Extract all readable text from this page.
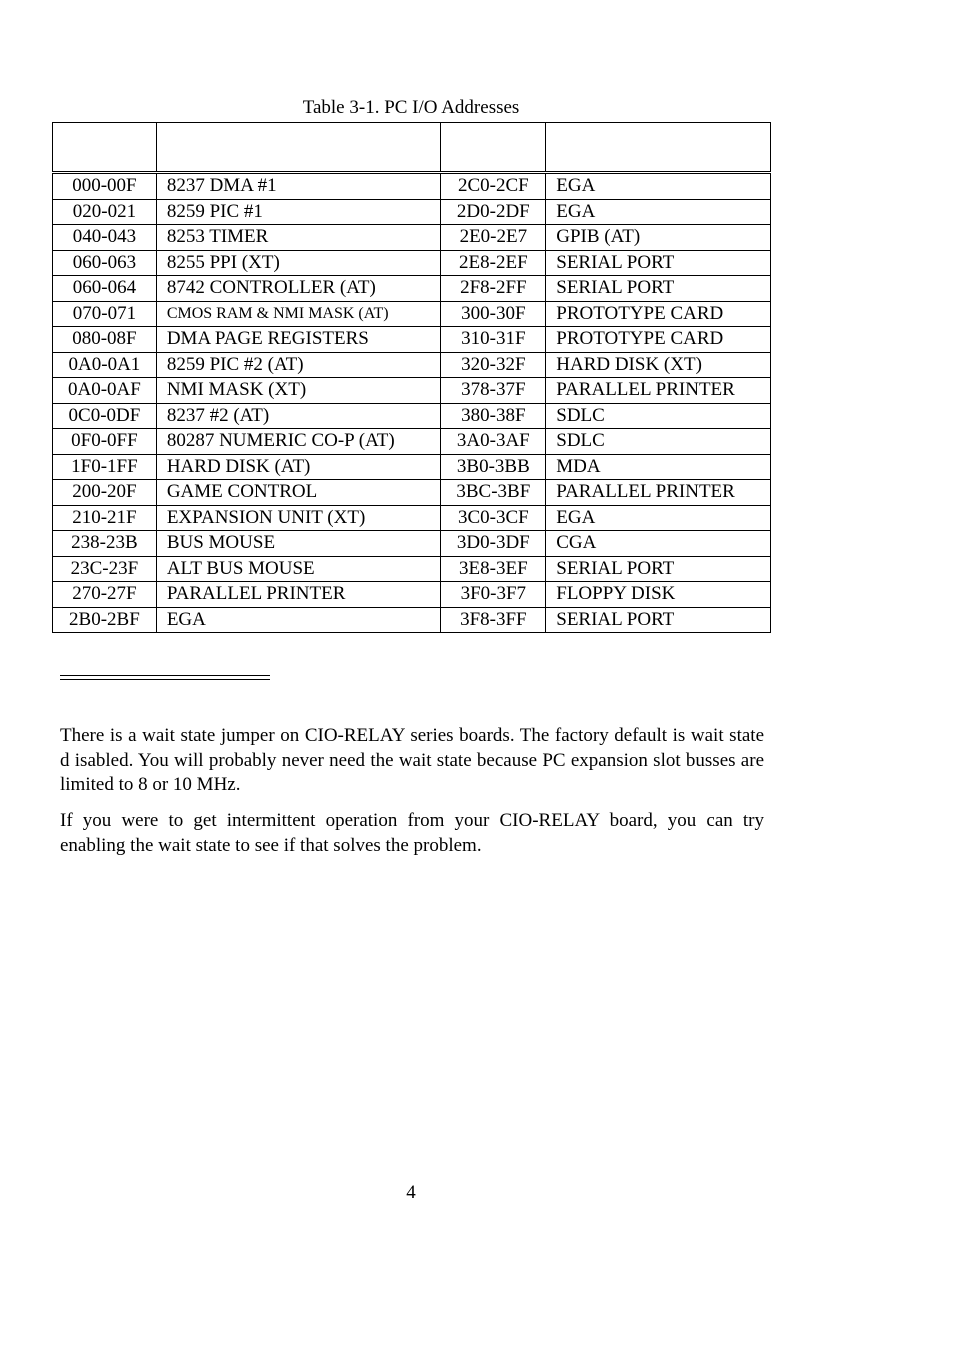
Table 3-1. PC I/O Addresses

000-00F	8237 DMA #1	2C0-2CF	EGA
020-021	8259 PIC #1	2D0-2DF	EGA
040-043	8253 TIMER	2E0-2E7	GPIB (AT)
060-063	8255 PPI (XT)	2E8-2EF	SERIAL PORT
060-064	8742 CONTROLLER (AT)	2F8-2FF	SERIAL PORT
070-071	CMOS RAM & NMI MASK (AT)	300-30F	PROTOTYPE CARD
080-08F	DMA PAGE REGISTERS	310-31F	PROTOTYPE CARD
0A0-0A1	8259 PIC #2 (AT)	320-32F	HARD DISK (XT)
0A0-0AF	NMI MASK (XT)	378-37F	PARALLEL PRINTER
0C0-0DF	8237 #2 (AT)	380-38F	SDLC
0F0-0FF	80287 NUMERIC CO-P (AT)	3A0-3AF	SDLC
1F0-1FF	HARD DISK (AT)	3B0-3BB	MDA
200-20F	GAME CONTROL	3BC-3BF	PARALLEL PRINTER
210-21F	EXPANSION UNIT (XT)	3C0-3CF	EGA
238-23B	BUS MOUSE	3D0-3DF	CGA
23C-23F	ALT BUS MOUSE	3E8-3EF	SERIAL PORT
270-27F	PARALLEL PRINTER	3F0-3F7	FLOPPY DISK
2B0-2BF	EGA	3F8-3FF	SERIAL PORT

There is a wait state jumper on CIO-RELAY series boards. The factory default is wait state d isabled. You will probably never need the wait state because PC expansion slot busses are limited to 8 or 10 MHz.

If you were to get intermittent operation from your CIO-RELAY board, you can try enabling the wait state to see if that solves the problem.

4
